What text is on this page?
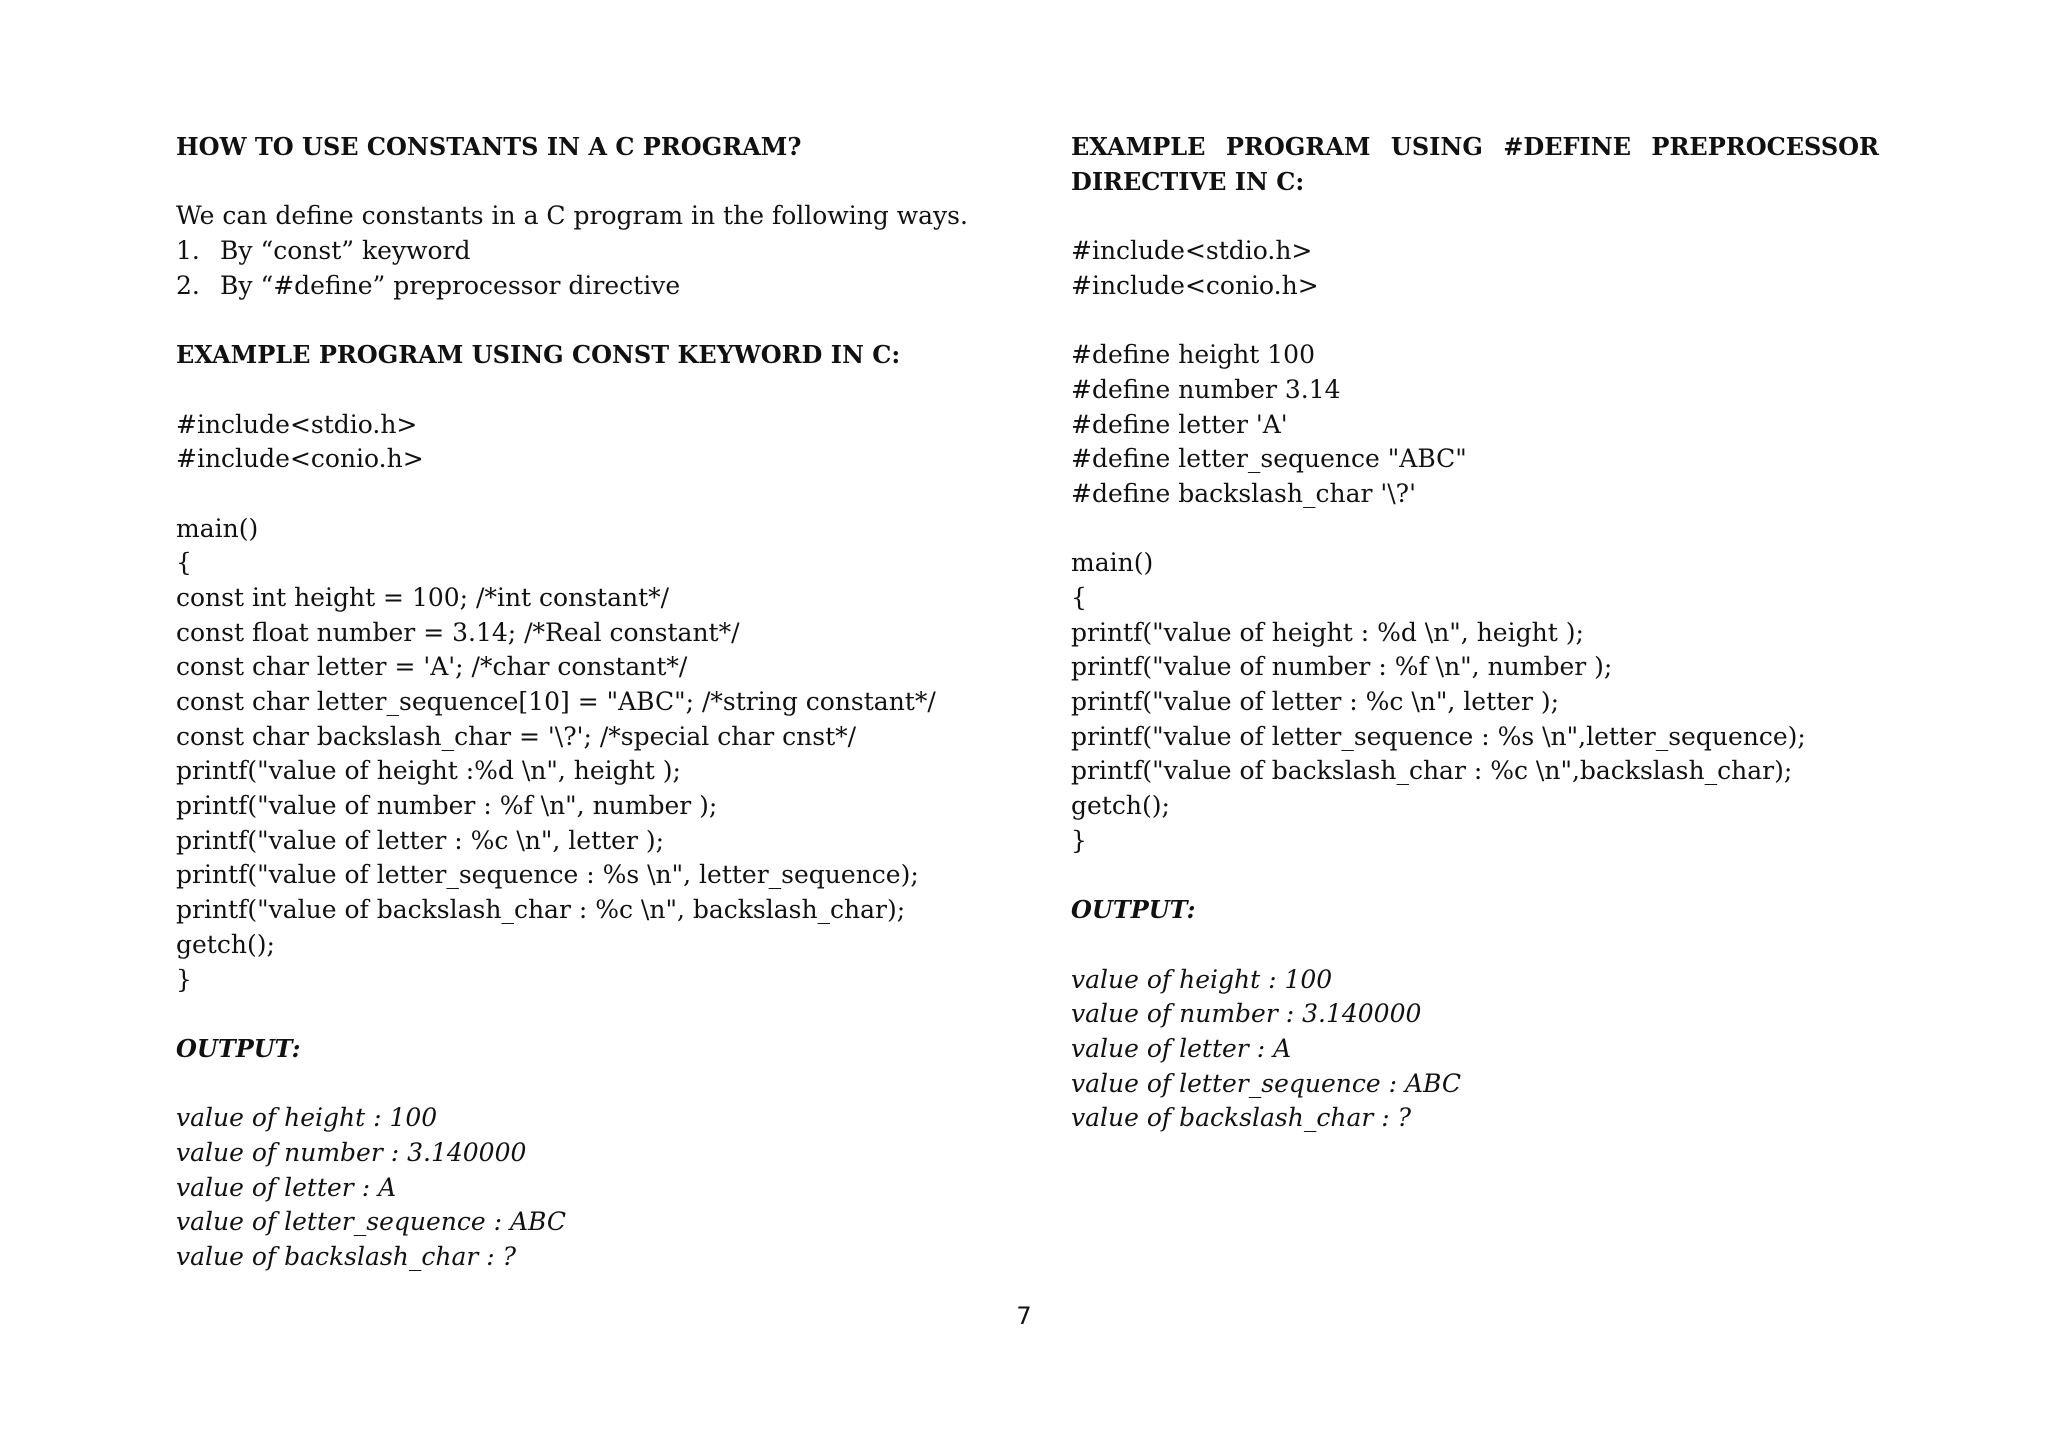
HOW TO USE CONSTANTS IN A C PROGRAM?
We can define constants in a C program in the following ways.
1. By “const” keyword
2. By “#define” preprocessor directive
EXAMPLE PROGRAM USING CONST KEYWORD IN C:
#include<stdio.h>
#include<conio.h>
main()
{
const int height = 100; /*int constant*/
const float number = 3.14; /*Real constant*/
const char letter = 'A'; /*char constant*/
const char letter_sequence[10] = "ABC"; /*string constant*/
const char backslash_char = '\?'; /*special char cnst*/
printf("value of height :%d \n", height );
printf("value of number : %f \n", number );
printf("value of letter : %c \n", letter );
printf("value of letter_sequence : %s \n", letter_sequence);
printf("value of backslash_char : %c \n", backslash_char);
getch();
}
OUTPUT:
value of height : 100
value of number : 3.140000
value of letter : A
value of letter_sequence : ABC
value of backslash_char : ?
EXAMPLE PROGRAM USING #DEFINE PREPROCESSOR
DIRECTIVE IN C:
#include<stdio.h>
#include<conio.h>
#define height 100
#define number 3.14
#define letter 'A'
#define letter_sequence "ABC"
#define backslash_char '\?'
main()
{
printf("value of height : %d \n", height );
printf("value of number : %f \n", number );
printf("value of letter : %c \n", letter );
printf("value of letter_sequence : %s \n",letter_sequence);
printf("value of backslash_char : %c \n",backslash_char);
getch();
}
OUTPUT:
value of height : 100
value of number : 3.140000
value of letter : A
value of letter_sequence : ABC
value of backslash_char : ?
7
